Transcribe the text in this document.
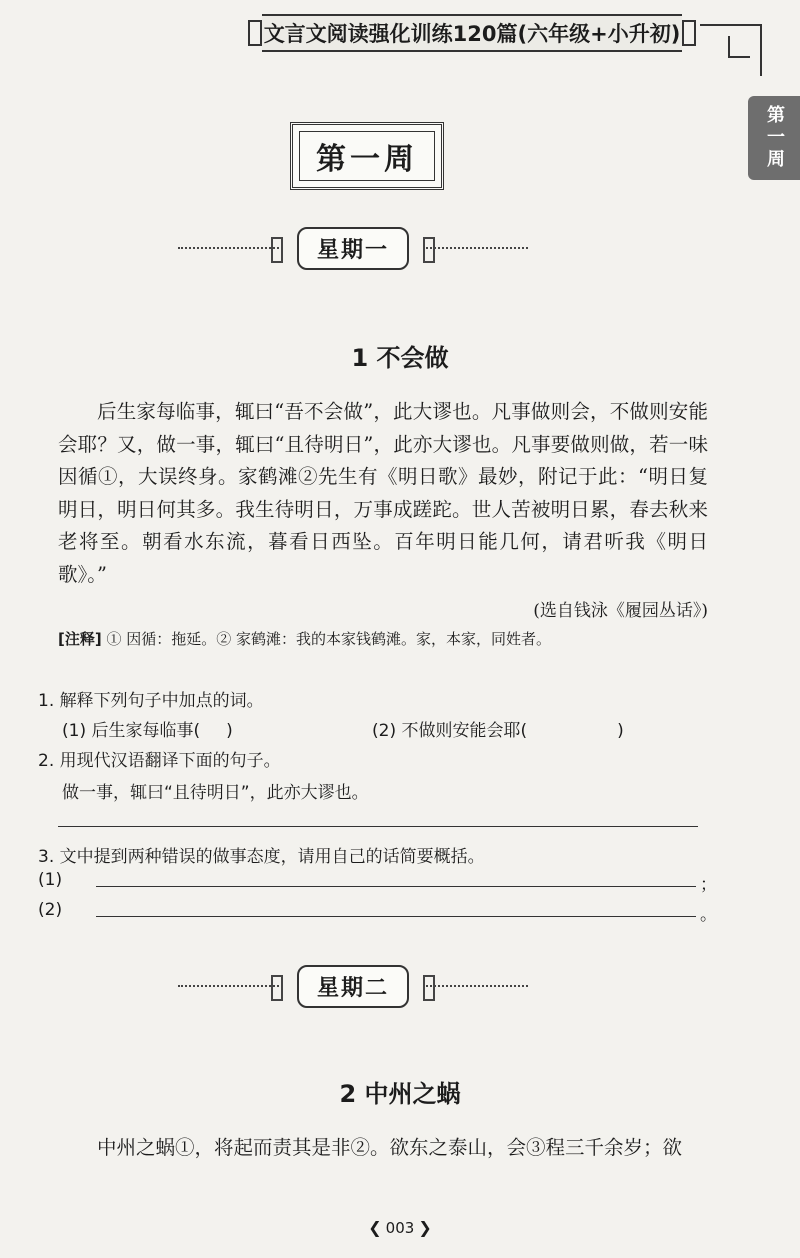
文言文阅读强化训练120篇(六年级+小升初)
第一周
第一周
星期一
1 不会做
后生家每临事，辄曰“吾不会做”，此大谬也。凡事做则会，不做则安能会耶？又，做一事，辄曰“且待明日”，此亦大谬也。凡事要做则做，若一味因循①，大误终身。家鹤滩②先生有《明日歌》最妙，附记于此：“明日复明日，明日何其多。我生待明日，万事成蹉跎。世人苦被明日累，春去秋来老将至。朝看水东流，暮看日西坠。百年明日能几何，请君听我《明日歌》。”
(选自钱泳《履园丛话》)
[注释] ① 因循：拖延。② 家鹤滩：我的本家钱鹤滩。家，本家，同姓者。
1. 解释下列句子中加点的词。
(1) 后生家每临事( )	(2) 不做则安能会耶(	)
2. 用现代汉语翻译下面的句子。
做一事，辄曰“且待明日”，此亦大谬也。
3. 文中提到两种错误的做事态度，请用自己的话简要概括。
(1)	；
(2)	。
星期二
2 中州之蜗
中州之蜗①，将起而责其是非②。欲东之泰山，会③程三千余岁；欲
❮ 003 ❯
